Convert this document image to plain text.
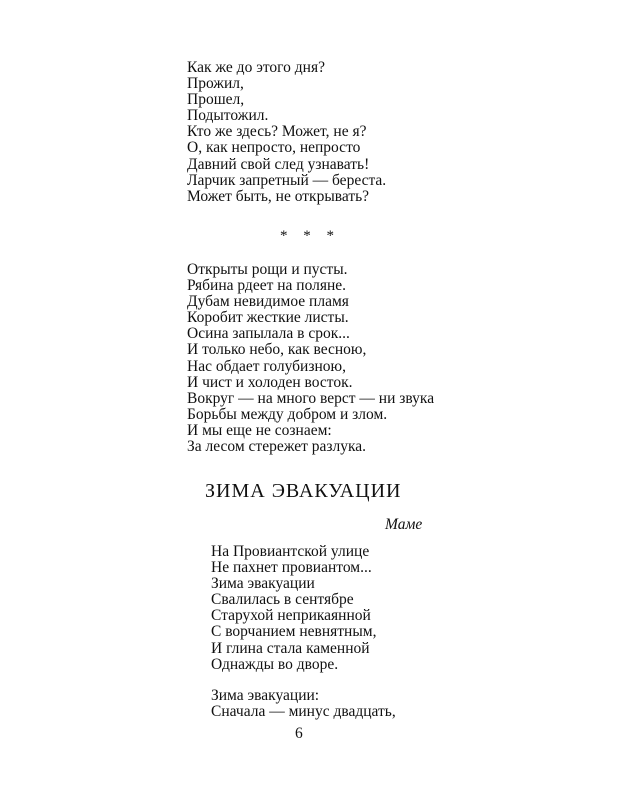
Как же до этого дня?
Прожил,
Прошел,
Подытожил.
Кто же здесь? Может, не я?
О, как непросто, непросто
Давний свой след узнавать!
Ларчик запретный — береста.
Может быть, не открывать?
* * *
Открыты рощи и пусты.
Рябина рдеет на поляне.
Дубам невидимое пламя
Коробит жесткие листы.
Осина запылала в срок...
И только небо, как весною,
Нас обдает голубизною,
И чист и холоден восток.
Вокруг — на много верст — ни звука
Борьбы между добром и злом.
И мы еще не сознаем:
За лесом стережет разлука.
ЗИМА ЭВАКУАЦИИ
Маме
На Провиантской улице
Не пахнет провиантом...
Зима эвакуации
Свалилась в сентябре
Старухой неприкаянной
С ворчанием невнятным,
И глина стала каменной
Однажды во дворе.
Зима эвакуации:
Сначала — минус двадцать,
6
